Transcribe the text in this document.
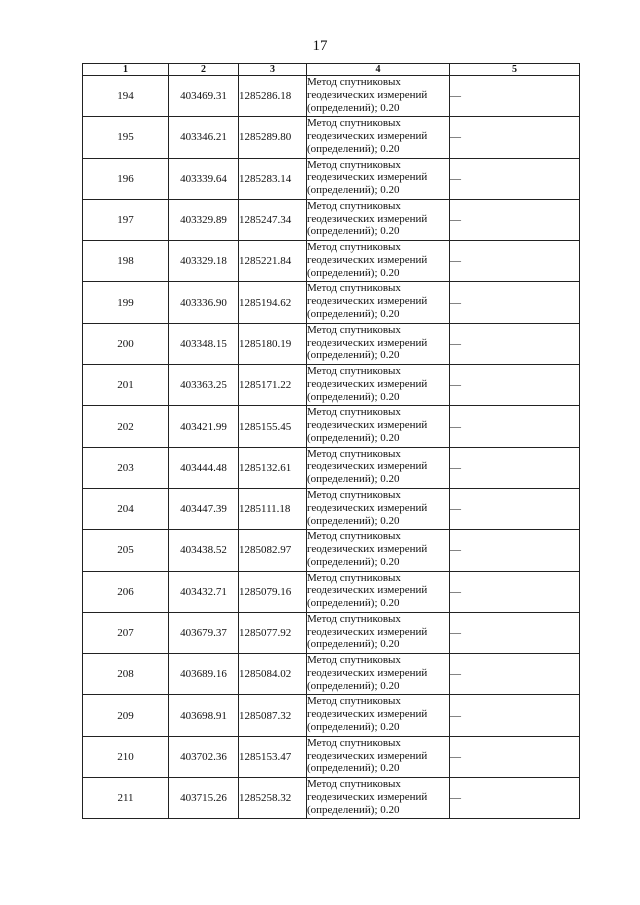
17
1	2	3	4	5
194	403469.31	1285286.18	Метод спутниковых
геодезических измерений
(определений); 0.20	—
195	403346.21	1285289.80	Метод спутниковых
геодезических измерений
(определений); 0.20	—
196	403339.64	1285283.14	Метод спутниковых
геодезических измерений
(определений); 0.20	—
197	403329.89	1285247.34	Метод спутниковых
геодезических измерений
(определений); 0.20	—
198	403329.18	1285221.84	Метод спутниковых
геодезических измерений
(определений); 0.20	—
199	403336.90	1285194.62	Метод спутниковых
геодезических измерений
(определений); 0.20	—
200	403348.15	1285180.19	Метод спутниковых
геодезических измерений
(определений); 0.20	—
201	403363.25	1285171.22	Метод спутниковых
геодезических измерений
(определений); 0.20	—
202	403421.99	1285155.45	Метод спутниковых
геодезических измерений
(определений); 0.20	—
203	403444.48	1285132.61	Метод спутниковых
геодезических измерений
(определений); 0.20	—
204	403447.39	1285111.18	Метод спутниковых
геодезических измерений
(определений); 0.20	—
205	403438.52	1285082.97	Метод спутниковых
геодезических измерений
(определений); 0.20	—
206	403432.71	1285079.16	Метод спутниковых
геодезических измерений
(определений); 0.20	—
207	403679.37	1285077.92	Метод спутниковых
геодезических измерений
(определений); 0.20	—
208	403689.16	1285084.02	Метод спутниковых
геодезических измерений
(определений); 0.20	—
209	403698.91	1285087.32	Метод спутниковых
геодезических измерений
(определений); 0.20	—
210	403702.36	1285153.47	Метод спутниковых
геодезических измерений
(определений); 0.20	—
211	403715.26	1285258.32	Метод спутниковых
геодезических измерений
(определений); 0.20	—
